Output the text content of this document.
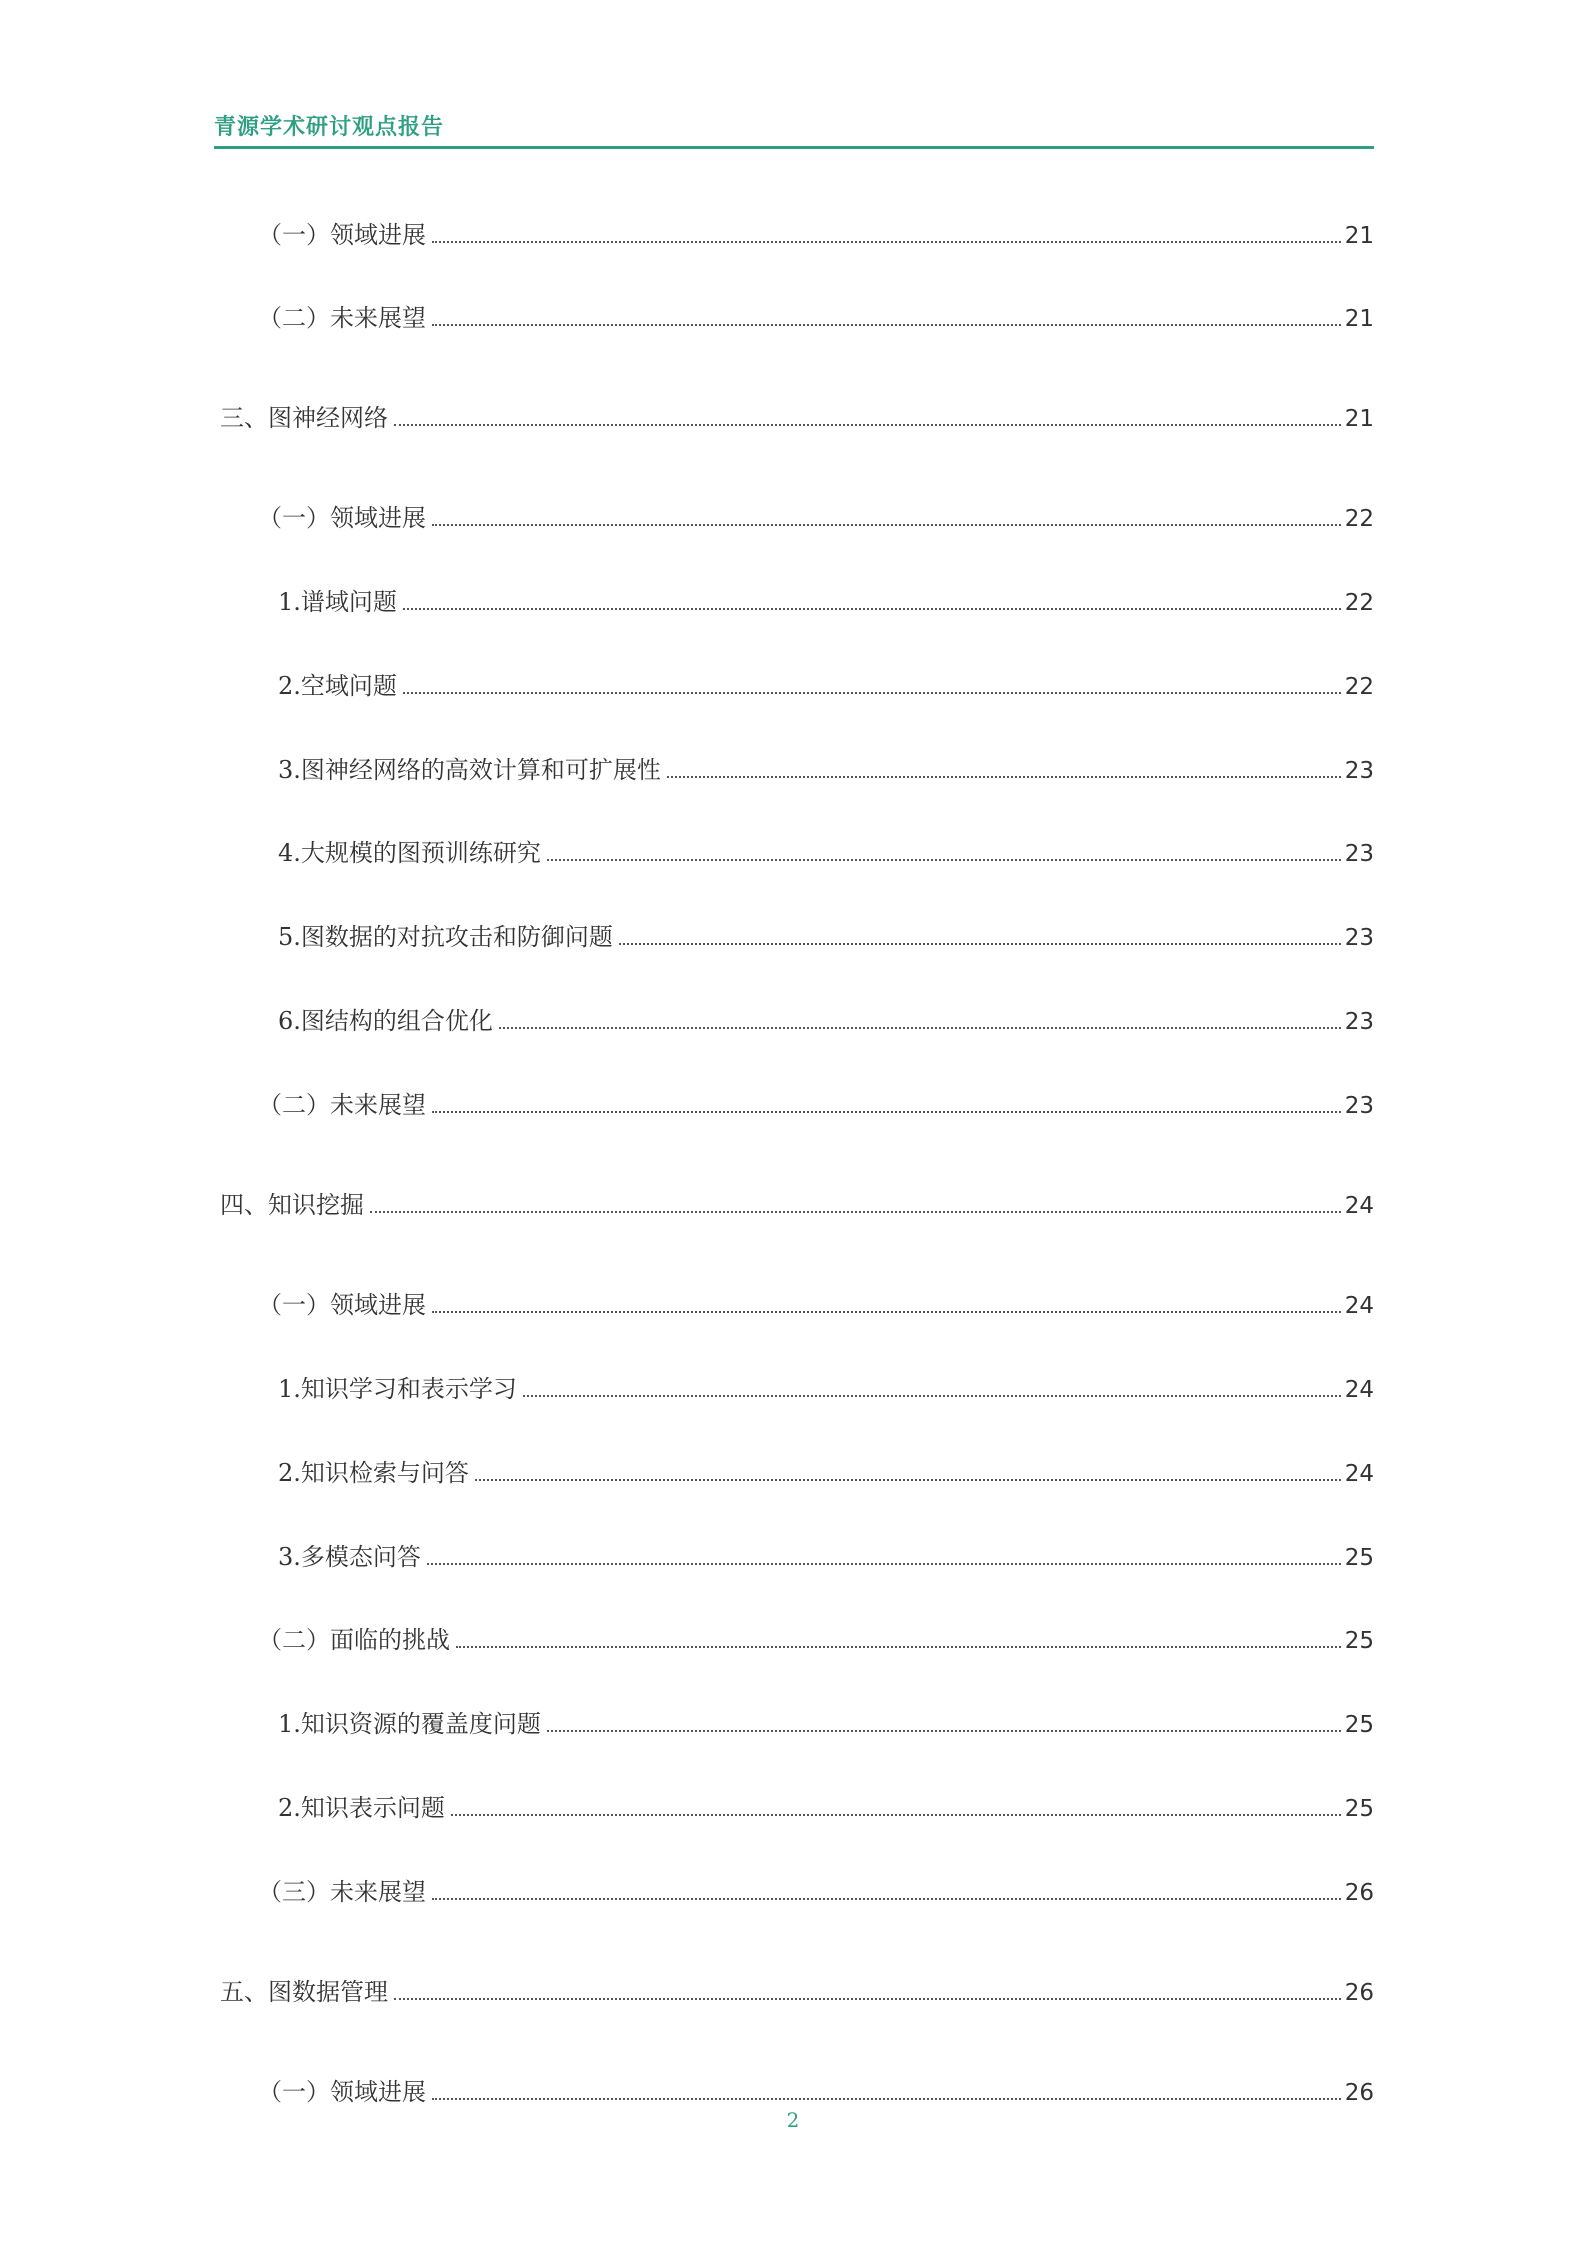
青源学术研讨观点报告
（一）领域进展	21
（二）未来展望	21
三、图神经网络	21
（一）领域进展	22
1.谱域问题	22
2.空域问题	22
3.图神经网络的高效计算和可扩展性	23
4.大规模的图预训练研究	23
5.图数据的对抗攻击和防御问题	23
6.图结构的组合优化	23
（二）未来展望	23
四、知识挖掘	24
（一）领域进展	24
1.知识学习和表示学习	24
2.知识检索与问答	24
3.多模态问答	25
（二）面临的挑战	25
1.知识资源的覆盖度问题	25
2.知识表示问题	25
（三）未来展望	26
五、图数据管理	26
（一）领域进展	26
2
